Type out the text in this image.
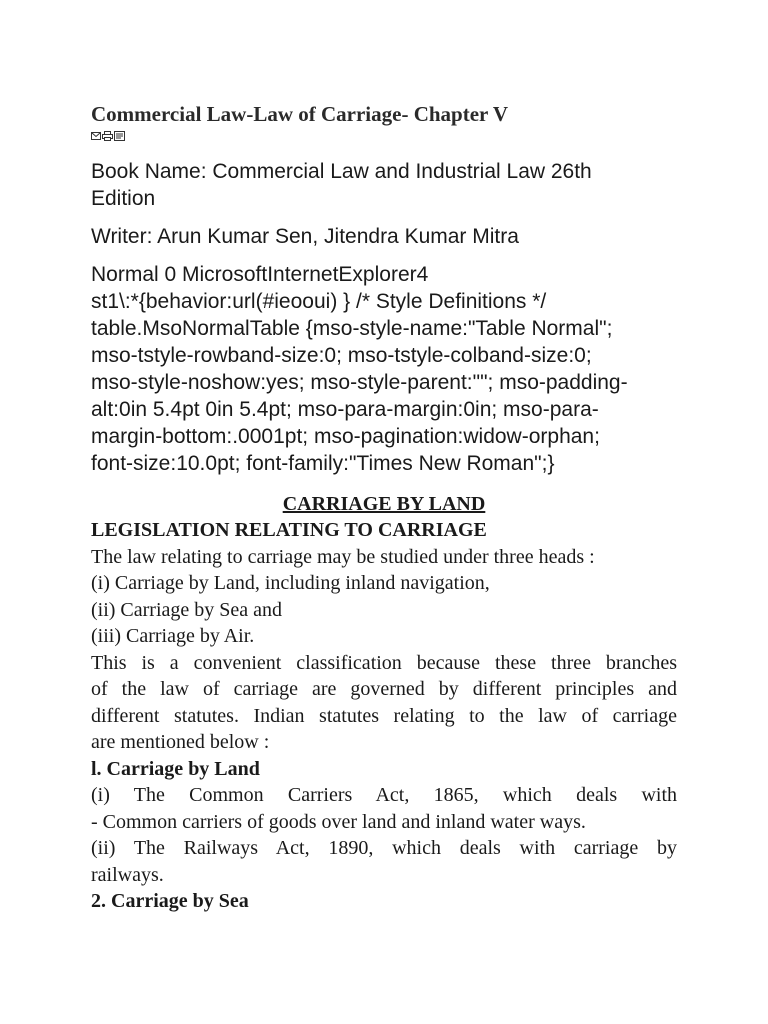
Commercial Law-Law of Carriage- Chapter V
Book Name: Commercial Law and Industrial Law 26th
Edition

Writer: Arun Kumar Sen, Jitendra Kumar Mitra

Normal 0 MicrosoftInternetExplorer4
st1\:*{behavior:url(#ieooui) } /* Style Definitions */
table.MsoNormalTable {mso-style-name:"Table Normal";
mso-tstyle-rowband-size:0; mso-tstyle-colband-size:0;
mso-style-noshow:yes; mso-style-parent:""; mso-padding-
alt:0in 5.4pt 0in 5.4pt; mso-para-margin:0in; mso-para-
margin-bottom:.0001pt; mso-pagination:widow-orphan;
font-size:10.0pt; font-family:"Times New Roman";}
CARRIAGE BY LAND
LEGISLATION RELATING TO CARRIAGE
The law relating to carriage may be studied under three heads :
(i) Carriage by Land, including inland navigation,
(ii) Carriage by Sea and
(iii) Carriage by Air.
This is a convenient classification because these three branches
of the law of carriage are governed by different principles and
different statutes. Indian statutes relating to the law of carriage
are mentioned below :
l. Carriage by Land
(i) The Common Carriers Act, 1865, which deals with
- Common carriers of goods over land and inland water ways.
(ii) The Railways Act, 1890, which deals with carriage by
railways.
2. Carriage by Sea
